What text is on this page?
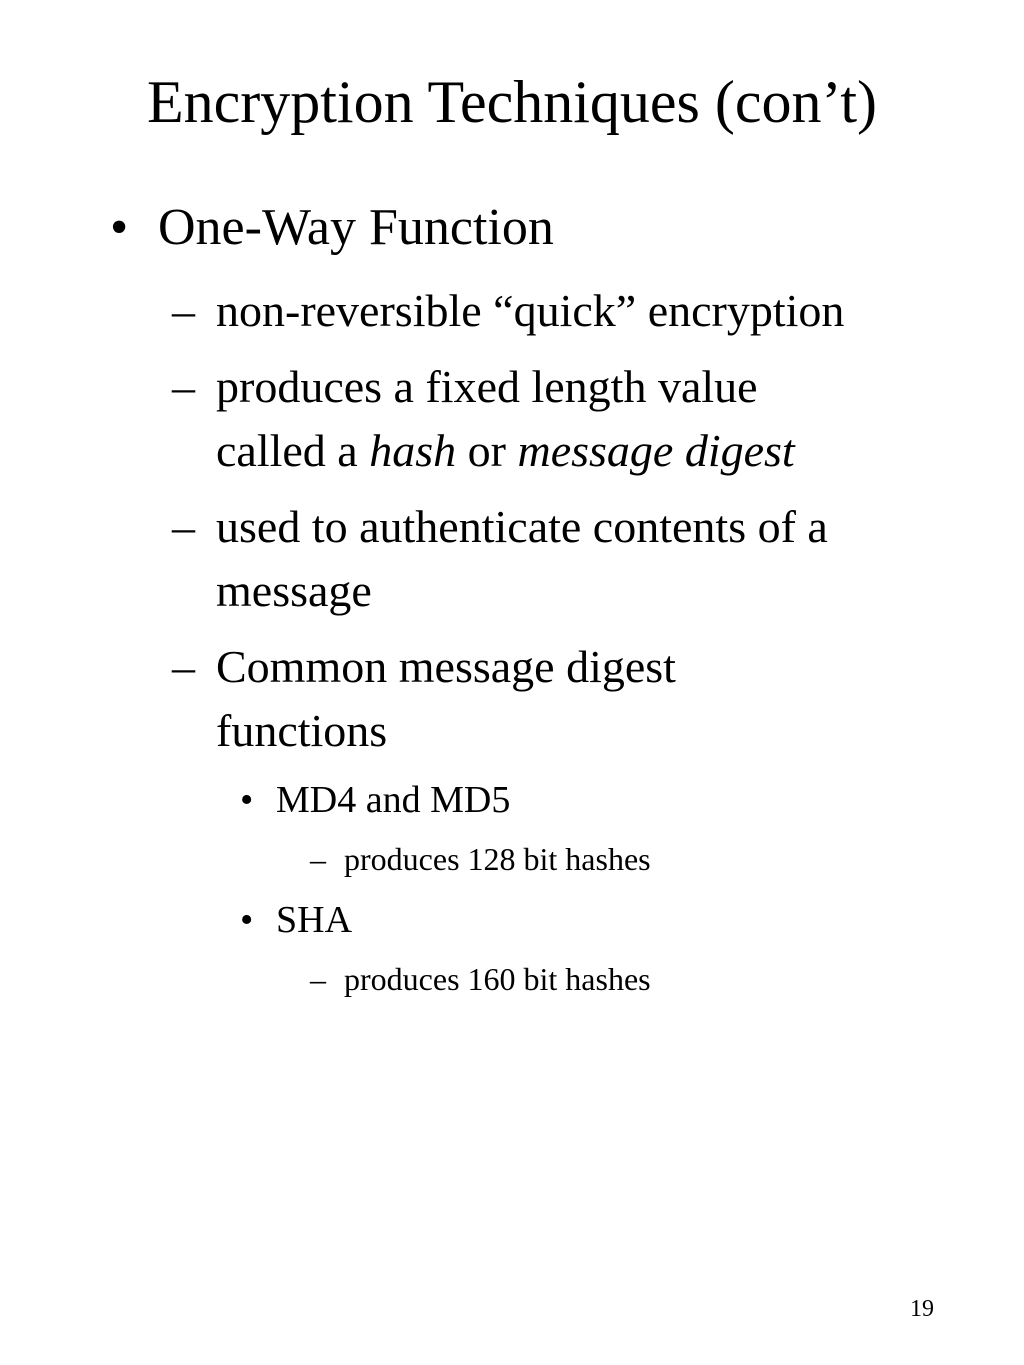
Encryption Techniques (con’t)
• One-Way Function
– non-reversible “quick” encryption
– produces a fixed length value
called a hash or message digest
– used to authenticate contents of a
message
– Common message digest
functions
• MD4 and MD5
– produces 128 bit hashes
• SHA
– produces 160 bit hashes
19
